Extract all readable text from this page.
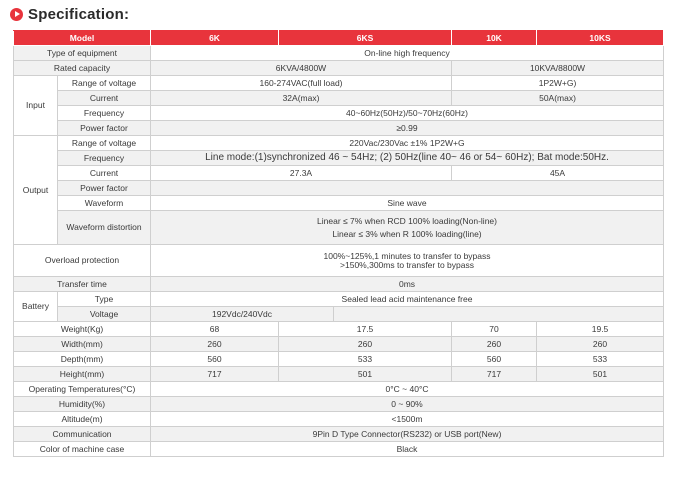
Specification:
Model		6K	6KS		10K	10KS
Type of equipment		On-line high frequency				
Rated capacity		6KVA/4800W			10KVA/8800W	
Input	Range of voltage	160-274VAC(full load)			1P2W+G)	
	Current	32A(max)			50A(max)	
	Frequency	40~60Hz(50Hz)/50~70Hz(60Hz)				
	Power factor	≥0.99				
Output	Range of voltage	220Vac/230Vac ±1% 1P2W+G				
	Frequency	Line mode:(1)synchronized 46 ~ 54Hz; (2) 50Hz(line 40~ 46 or 54~ 60Hz); Bat mode:50Hz.				
	Current	27.3A			45A	
	Power factor					
	Waveform	Sine wave				
	Waveform distortion	Linear ≤ 7% when RCD 100% loading(Non-line)
Linear ≤ 3% when R 100% loading(line)				

Overload protection		100%~125%,1 minutes to transfer to bypass
>150%,300ms to transfer to bypass				

Transfer time		0ms				
Battery	Type	Sealed lead acid maintenance free				
	Voltage	192Vdc/240Vdc				
Weight(Kg)		68	17.5		70	19.5
Width(mm)		260	260		260	260
Depth(mm)		560	533		560	533
Height(mm)		717	501		717	501
Operating Temperatures(°C)		0°C ~ 40°C				
Humidity(%)		0 ~ 90%				
Altitude(m)		<1500m				
Communication		9Pin D Type Connector(RS232) or USB port(New)				
Color of machine case		Black				
